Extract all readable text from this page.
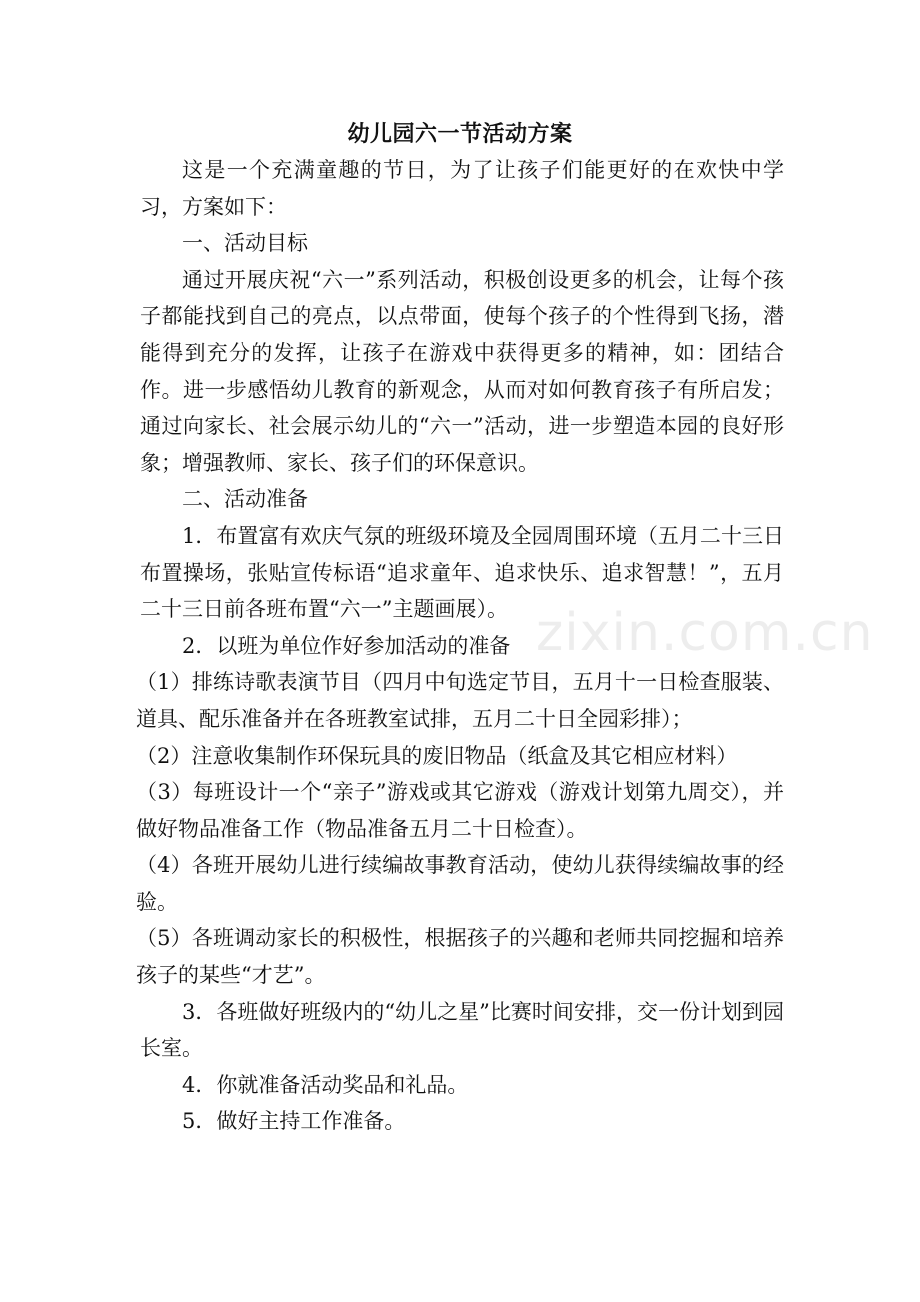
幼儿园六一节活动方案

这是一个充满童趣的节日，为了让孩子们能更好的在欢快中学习，方案如下：

一、活动目标

通过开展庆祝“六一”系列活动，积极创设更多的机会，让每个孩子都能找到自己的亮点，以点带面，使每个孩子的个性得到飞扬，潜能得到充分的发挥，让孩子在游戏中获得更多的精神，如：团结合作。进一步感悟幼儿教育的新观念，从而对如何教育孩子有所启发；通过向家长、社会展示幼儿的“六一”活动，进一步塑造本园的良好形象；增强教师、家长、孩子们的环保意识。

二、活动准备

1．布置富有欢庆气氛的班级环境及全园周围环境（五月二十三日布置操场，张贴宣传标语“追求童年、追求快乐、追求智慧！”，五月二十三日前各班布置“六一”主题画展）。

2．以班为单位作好参加活动的准备

（1）排练诗歌表演节目（四月中旬选定节目，五月十一日检查服装、道具、配乐准备并在各班教室试排，五月二十日全园彩排）；

（2）注意收集制作环保玩具的废旧物品（纸盒及其它相应材料）

（3）每班设计一个“亲子”游戏或其它游戏（游戏计划第九周交），并做好物品准备工作（物品准备五月二十日检查）。

（4）各班开展幼儿进行续编故事教育活动，使幼儿获得续编故事的经验。

（5）各班调动家长的积极性，根据孩子的兴趣和老师共同挖掘和培养孩子的某些“才艺”。

3．各班做好班级内的“幼儿之星”比赛时间安排，交一份计划到园长室。

4．你就准备活动奖品和礼品。

5．做好主持工作准备。

zixin.com.cn
